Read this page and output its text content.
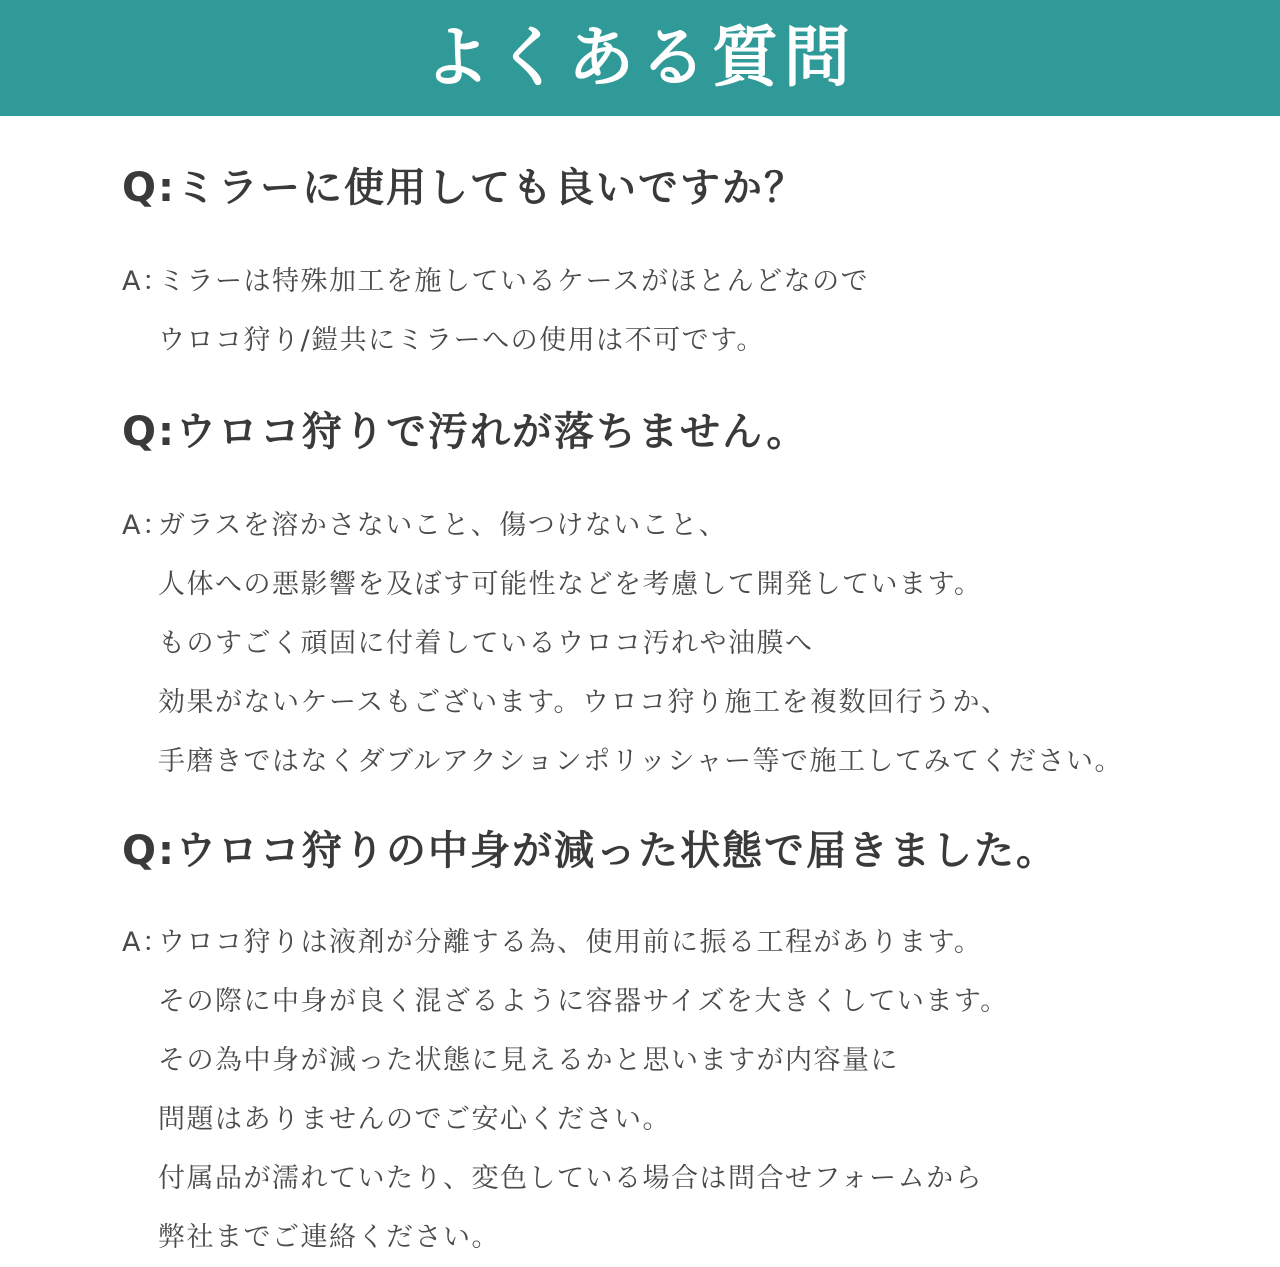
よくある質問
Q:ミラーに使用しても良いですか？
A：ミラーは特殊加工を施しているケースがほとんどなので
ウロコ狩り/鎧共にミラーへの使用は不可です。
Q:ウロコ狩りで汚れが落ちません。
A：ガラスを溶かさないこと、傷つけないこと、
人体への悪影響を及ぼす可能性などを考慮して開発しています。
ものすごく頑固に付着しているウロコ汚れや油膜へ
効果がないケースもございます。ウロコ狩り施工を複数回行うか、
手磨きではなくダブルアクションポリッシャー等で施工してみてください。
Q:ウロコ狩りの中身が減った状態で届きました。
A：ウロコ狩りは液剤が分離する為、使用前に振る工程があります。
その際に中身が良く混ざるように容器サイズを大きくしています。
その為中身が減った状態に見えるかと思いますが内容量に
問題はありませんのでご安心ください。
付属品が濡れていたり、変色している場合は問合せフォームから
弊社までご連絡ください。
